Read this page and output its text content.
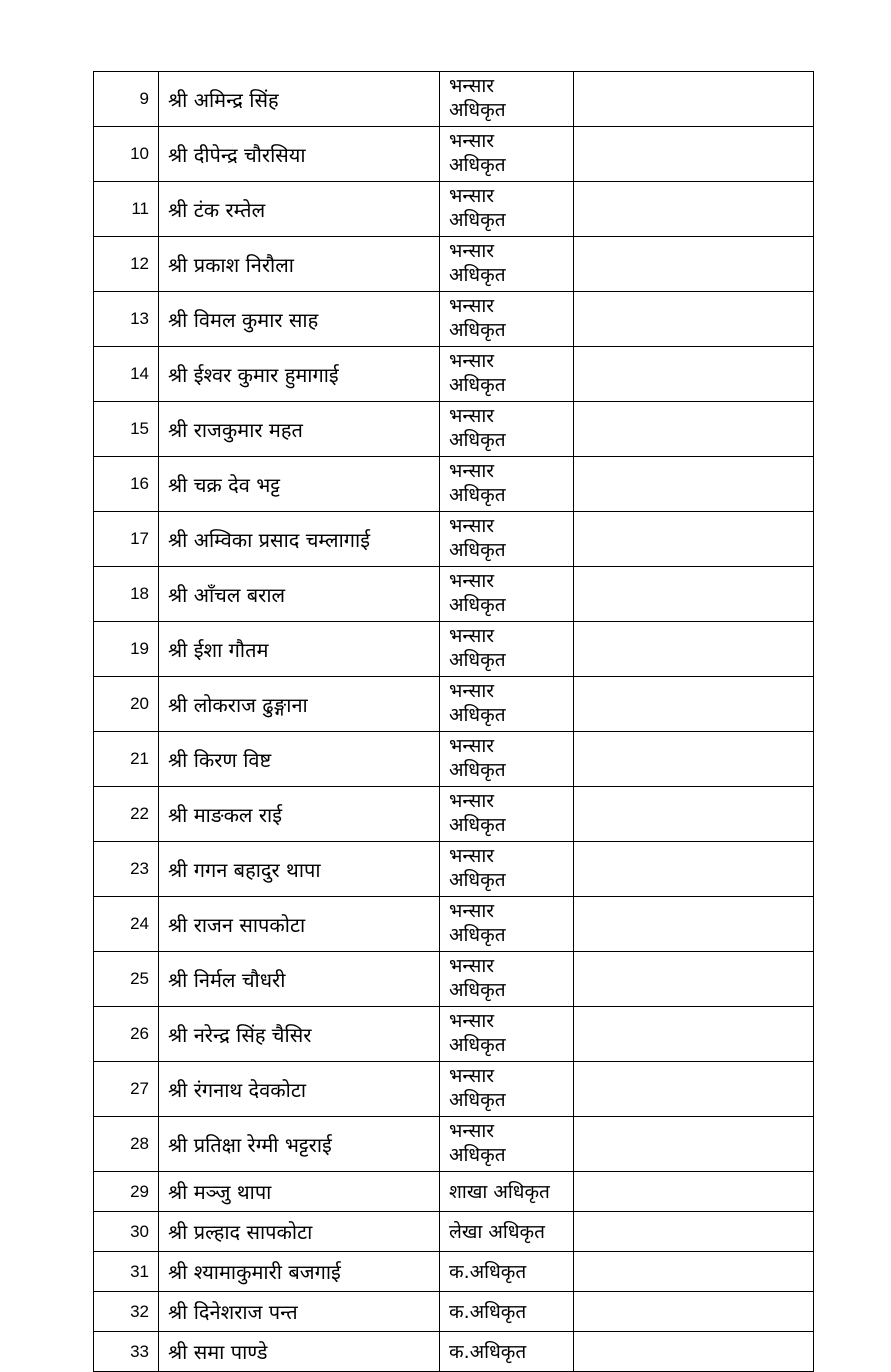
9	श्री अमिन्द्र सिंह	भन्सार अधिकृत	

10	श्री दीपेन्द्र चौरसिया	भन्सार अधिकृत	

11	श्री टंक रम्तेल	भन्सार अधिकृत	

12	श्री प्रकाश निरौला	भन्सार अधिकृत	

13	श्री विमल कुमार साह	भन्सार अधिकृत	

14	श्री ईश्वर कुमार हुमागाई	भन्सार अधिकृत	

15	श्री राजकुमार महत	भन्सार अधिकृत	

16	श्री चक्र देव भट्ट	भन्सार अधिकृत	

17	श्री अम्विका प्रसाद चम्लागाई	भन्सार अधिकृत	

18	श्री आँचल बराल	भन्सार अधिकृत	

19	श्री ईशा गौतम	भन्सार अधिकृत	

20	श्री लोकराज ढुङ्गाना	भन्सार अधिकृत	

21	श्री किरण विष्ट	भन्सार अधिकृत	

22	श्री माङकल राई	भन्सार अधिकृत	

23	श्री गगन बहादुर थापा	भन्सार अधिकृत	

24	श्री राजन सापकोटा	भन्सार अधिकृत	

25	श्री निर्मल चौधरी	भन्सार अधिकृत	

26	श्री नरेन्द्र सिंह चैसिर	भन्सार अधिकृत	

27	श्री रंगनाथ देवकोटा	भन्सार अधिकृत	

28	श्री प्रतिक्षा रेग्मी भट्टराई	भन्सार अधिकृत	

29	श्री मञ्जु थापा	शाखा अधिकृत	

30	श्री प्रल्हाद सापकोटा	लेखा अधिकृत	

31	श्री श्यामाकुमारी बजगाई	क.अधिकृत	

32	श्री दिनेशराज पन्त	क.अधिकृत	

33	श्री समा पाण्डे	क.अधिकृत	
